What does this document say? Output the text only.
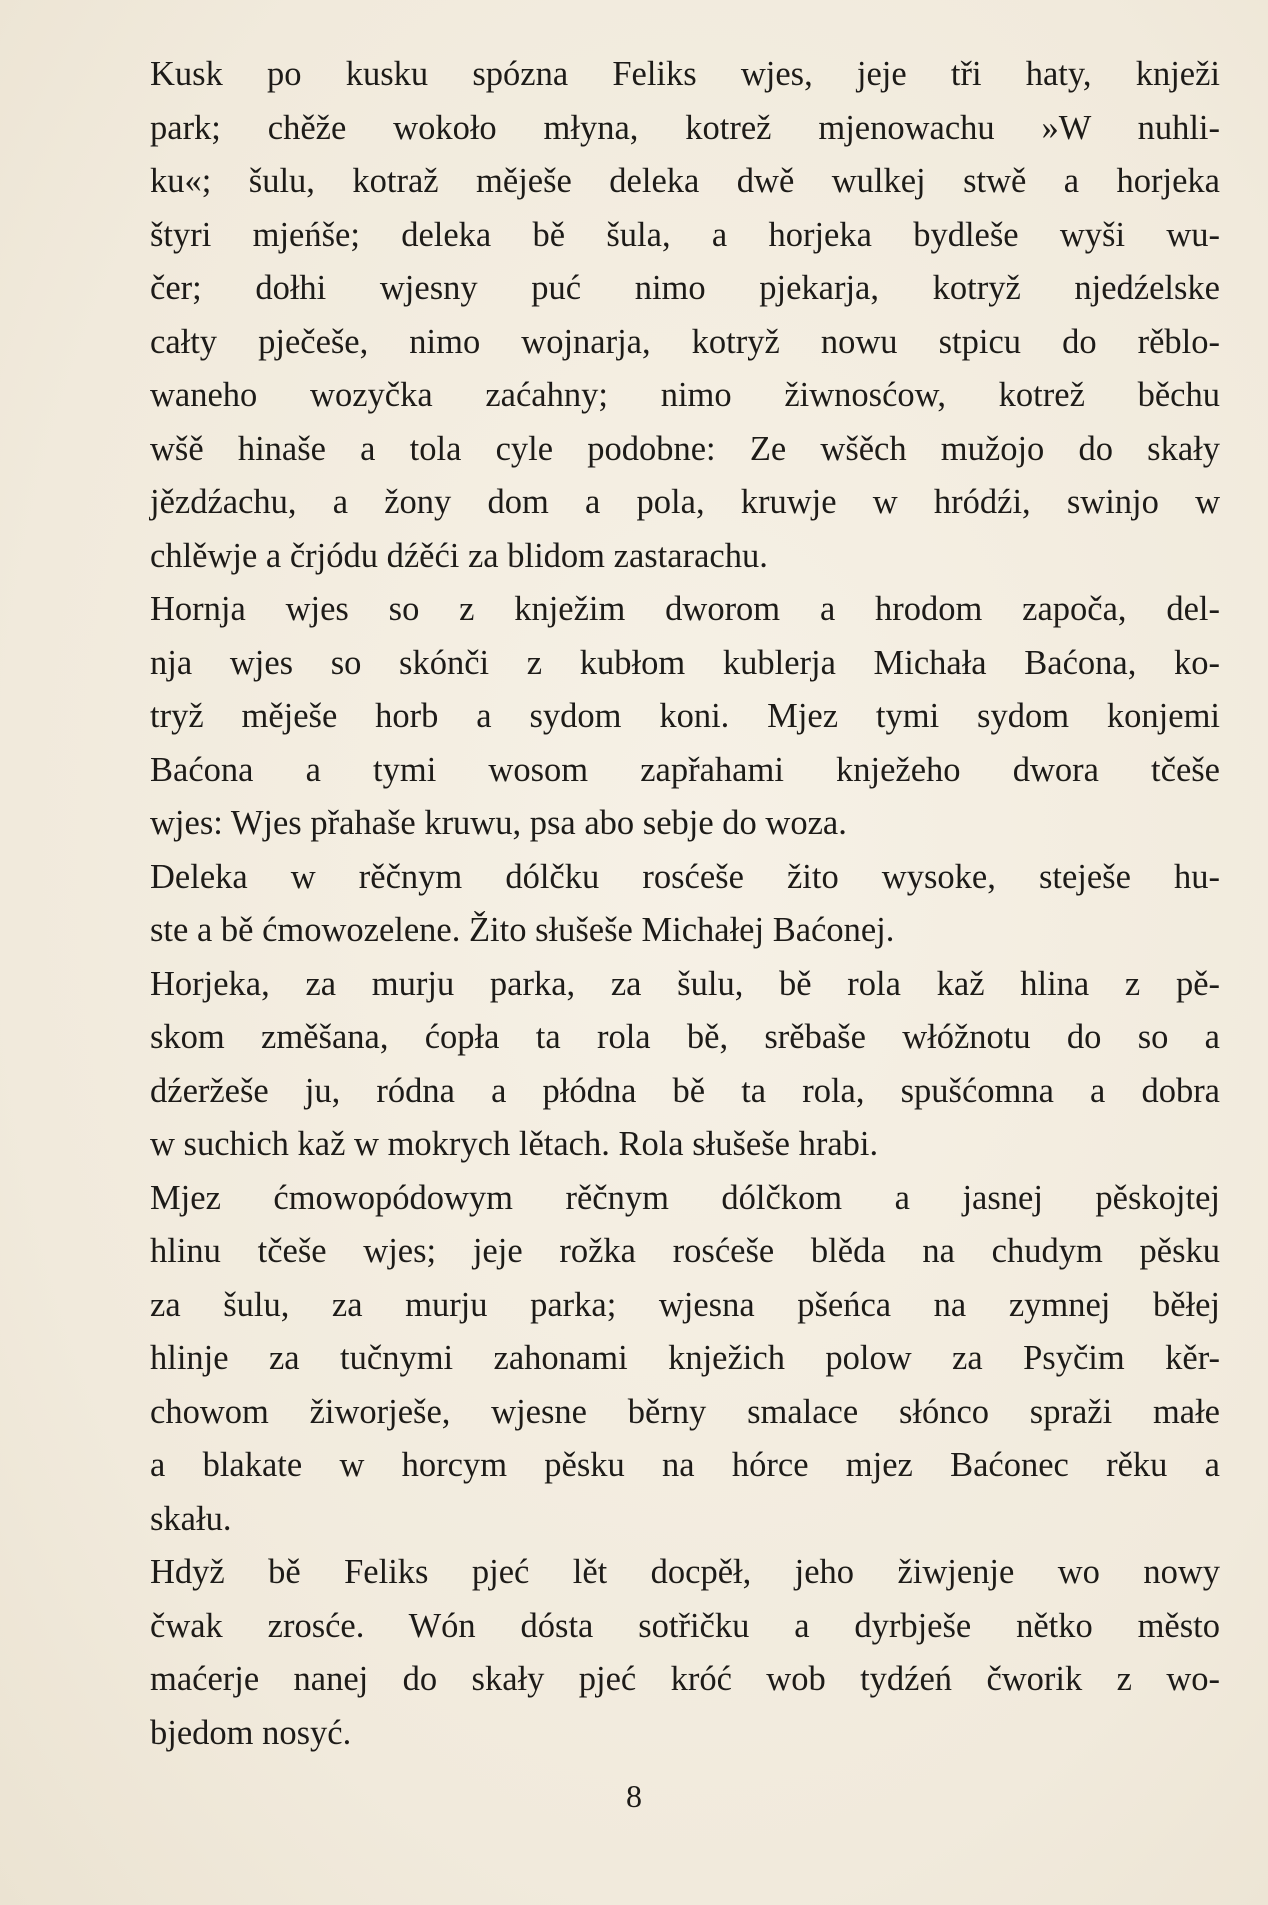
Kusk po kusku spózna Feliks wjes, jeje tři haty, knježi
park; chěže wokoło młyna, kotrež mjenowachu »W nuhli-
ku«; šulu, kotraž měješe deleka dwě wulkej stwě a horjeka
štyri mjeńše; deleka bě šula, a horjeka bydleše wyši wu-
čer; dołhi wjesny puć nimo pjekarja, kotryž njedźelske
całty pječeše, nimo wojnarja, kotryž nowu stpicu do rěblo-
waneho wozyčka zaćahny; nimo žiwnosćow, kotrež běchu
wšě hinaše a tola cyle podobne: Ze wšěch mužojo do skały
jězdźachu, a žony dom a pola, kruwje w hródźi, swinjo w
chlěwje a črjódu dźěći za blidom zastarachu.
Hornja wjes so z knježim dworom a hrodom započa, del-
nja wjes so skónči z kubłom kublerja Michała Baćona, ko-
tryž měješe horb a sydom koni. Mjez tymi sydom konjemi
Baćona a tymi wosom zapřahami knježeho dwora tčeše
wjes: Wjes přahaše kruwu, psa abo sebje do woza.
Deleka w rěčnym dólčku rosćeše žito wysoke, steješe hu-
ste a bě ćmowozelene. Žito słušeše Michałej Baćonej.
Horjeka, za murju parka, za šulu, bě rola kaž hlina z pě-
skom změšana, ćopła ta rola bě, srěbaše włóžnotu do so a
dźeržeše ju, ródna a płódna bě ta rola, spušćomna a dobra
w suchich kaž w mokrych lětach. Rola słušeše hrabi.
Mjez ćmowopódowym rěčnym dólčkom a jasnej pěskojtej
hlinu tčeše wjes; jeje rožka rosćeše blěda na chudym pěsku
za šulu, za murju parka; wjesna pšeńca na zymnej běłej
hlinje za tučnymi zahonami knježich polow za Psyčim kěr-
chowom žiworješe, wjesne běrny smalace słónco spraži małe
a blakate w horcym pěsku na hórce mjez Baćonec rěku a
skału.
Hdyž bě Feliks pjeć lět docpěł, jeho žiwjenje wo nowy
čwak zrosće. Wón dósta sotřičku a dyrbješe nětko město
maćerje nanej do skały pjeć króć wob tydźeń čworik z wo-
bjedom nosyć.
8
